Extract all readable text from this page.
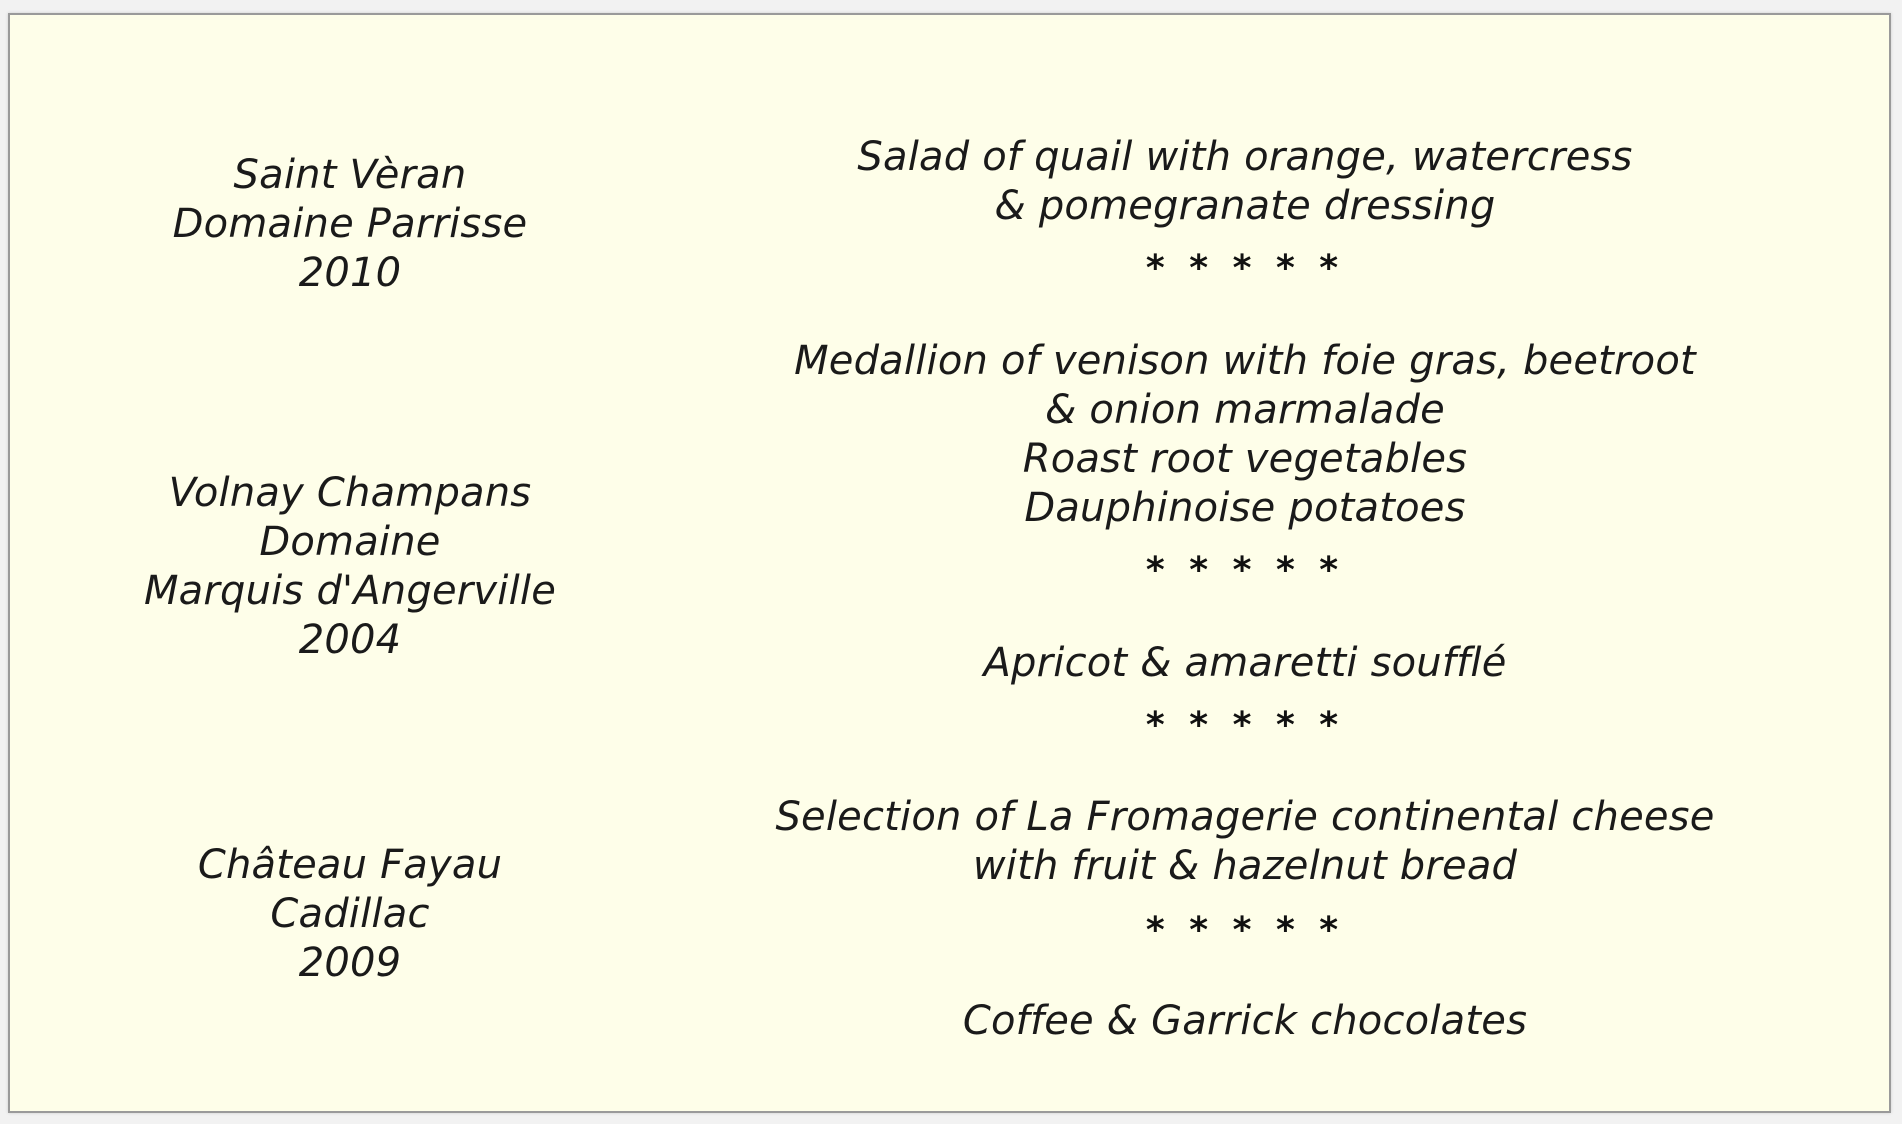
Saint Vèran
Domaine Parrisse
2010
Volnay Champans
Domaine
Marquis d'Angerville
2004
Château Fayau
Cadillac
2009
Salad of quail with orange, watercress
& pomegranate dressing
* * * * *
Medallion of venison with foie gras, beetroot
& onion marmalade
Roast root vegetables
Dauphinoise potatoes
* * * * *
Apricot & amaretti soufflé
* * * * *
Selection of La Fromagerie continental cheese
with fruit & hazelnut bread
* * * * *
Coffee & Garrick chocolates
